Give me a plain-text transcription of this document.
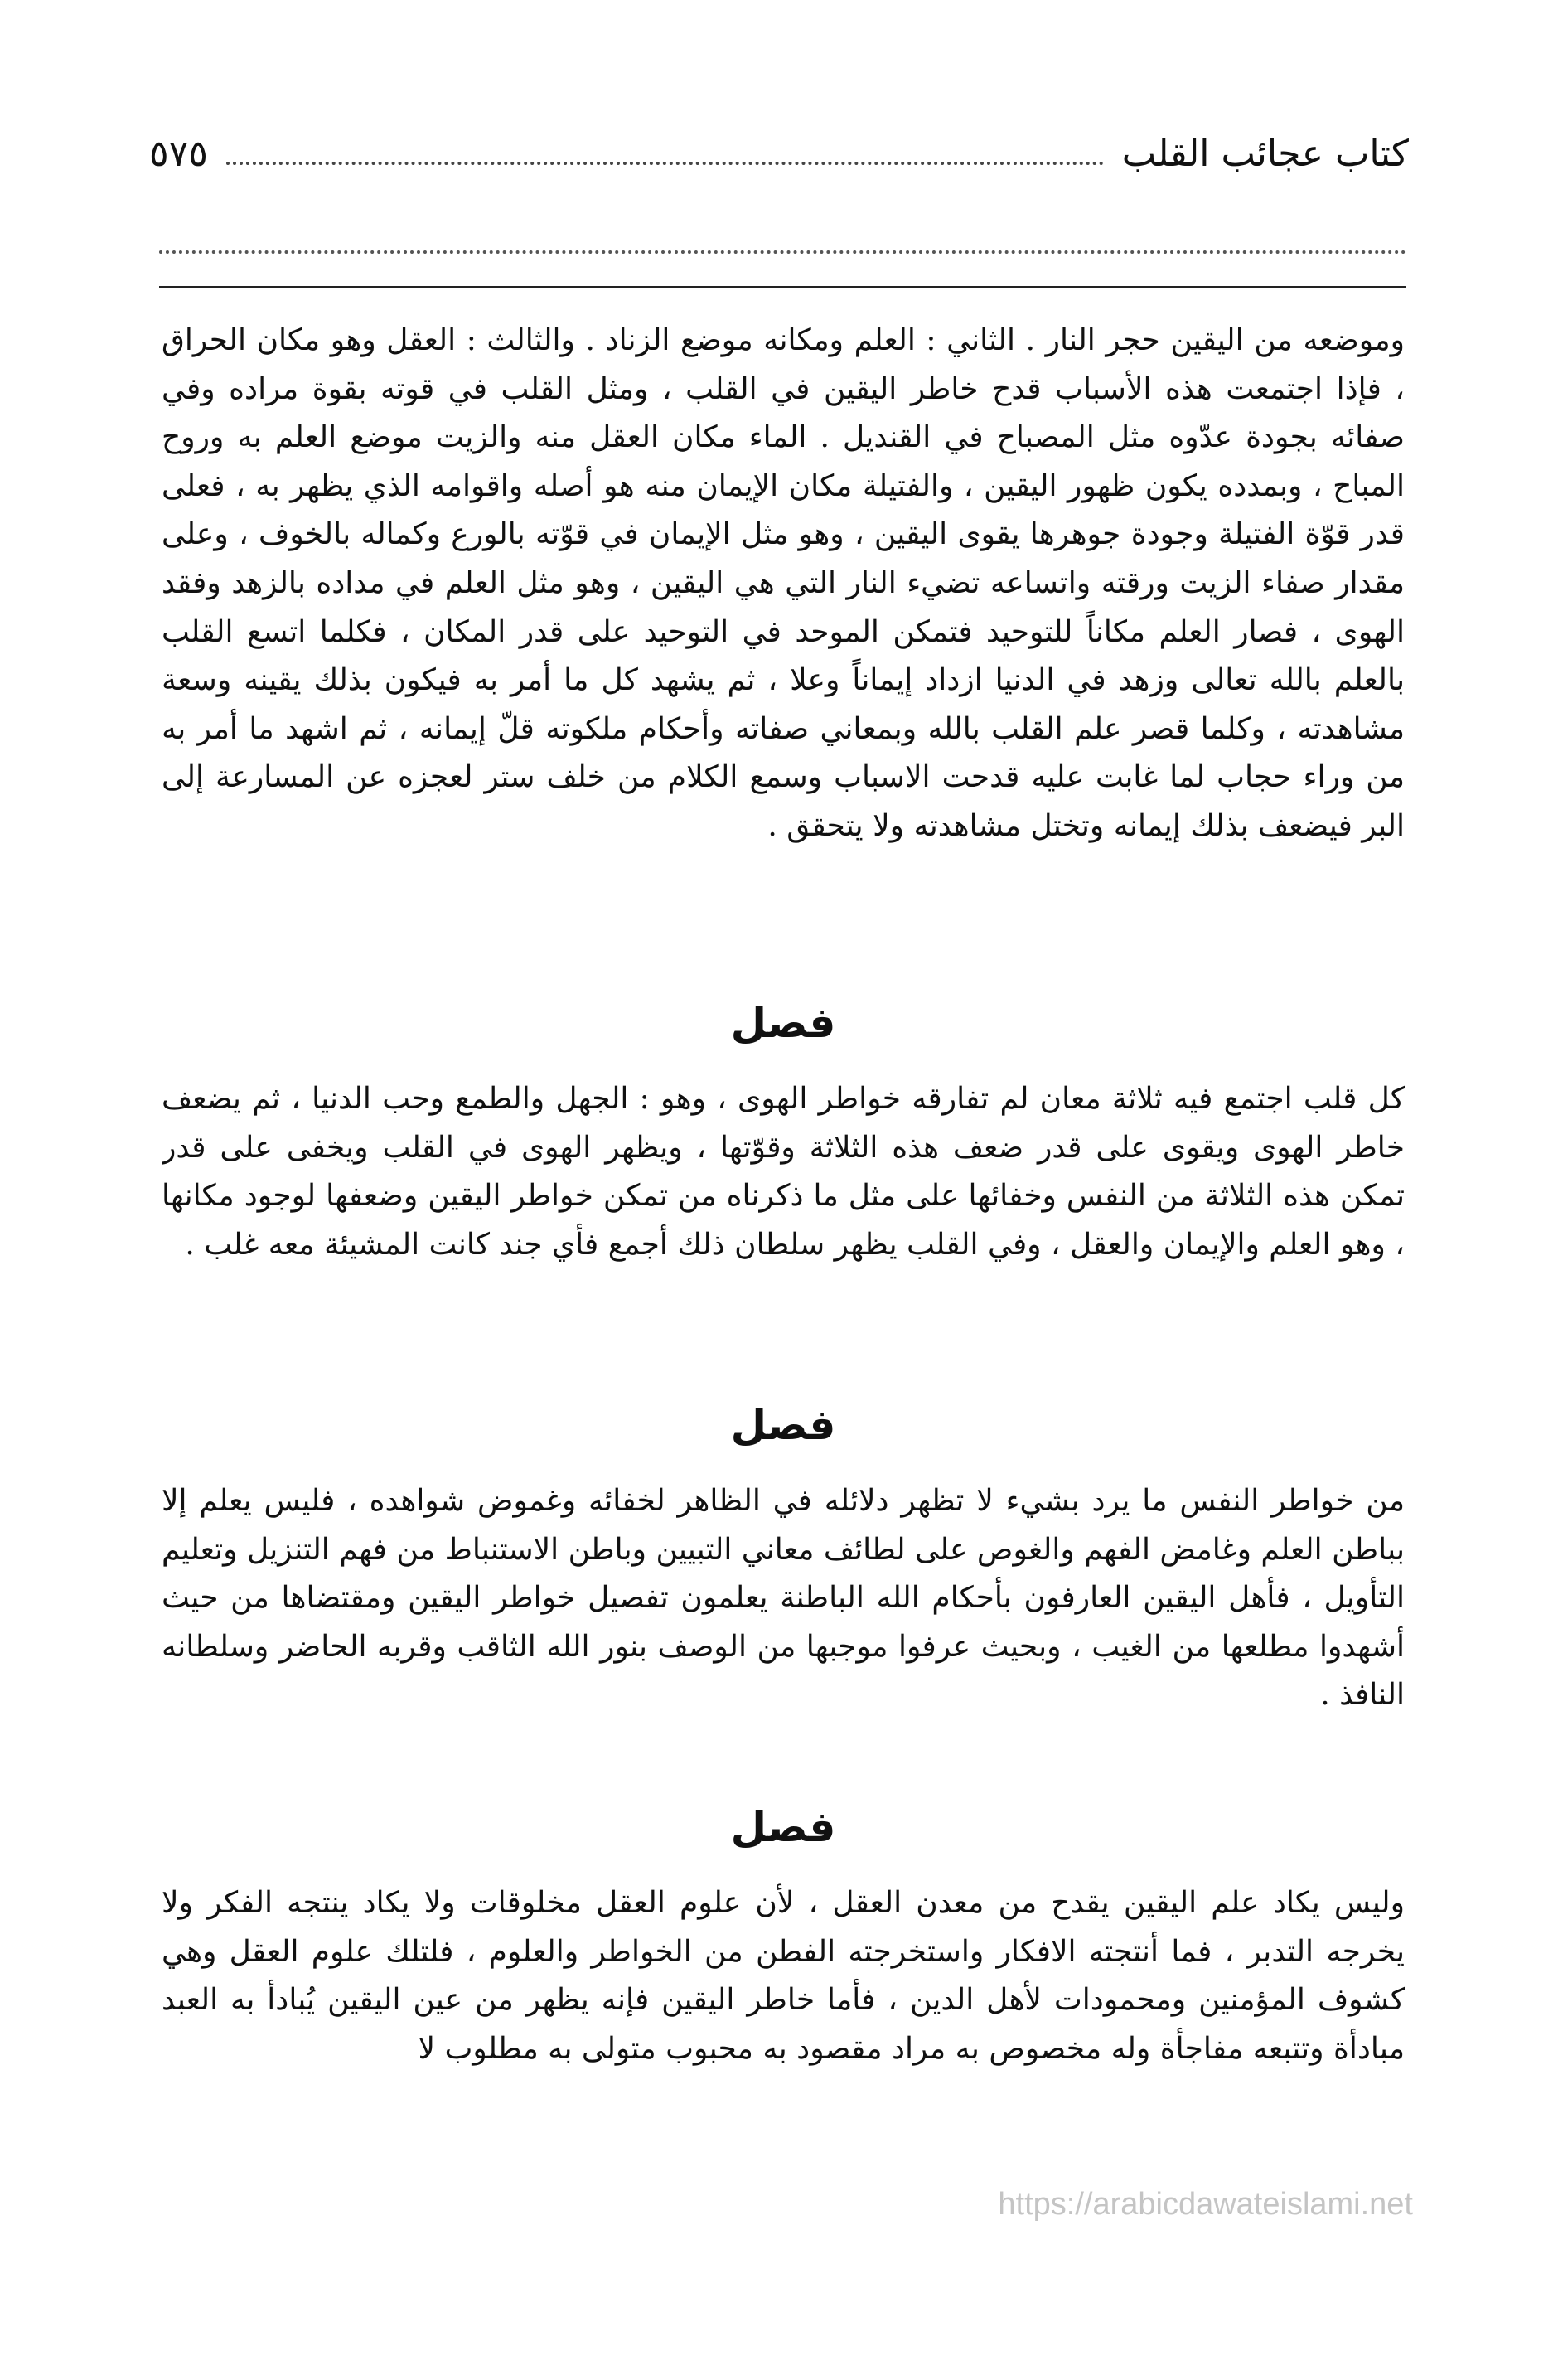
كتاب عجائب القلب
٥٧٥

وموضعه من اليقين حجر النار . الثاني : العلم ومكانه موضع الزناد . والثالث : العقل وهو مكان الحراق ، فإذا اجتمعت هذه الأسباب قدح خاطر اليقين في القلب ، ومثل القلب في قوته بقوة مراده وفي صفائه بجودة عدّوه مثل المصباح في القنديل . الماء مكان العقل منه والزيت موضع العلم به وروح المباح ، وبمدده يكون ظهور اليقين ، والفتيلة مكان الإيمان منه هو أصله واقوامه الذي يظهر به ، فعلى قدر قوّة الفتيلة وجودة جوهرها يقوى اليقين ، وهو مثل الإيمان في قوّته بالورع وكماله بالخوف ، وعلى مقدار صفاء الزيت ورقته واتساعه تضيء النار التي هي اليقين ، وهو مثل العلم في مداده بالزهد وفقد الهوى ، فصار العلم مكاناً للتوحيد فتمكن الموحد في التوحيد على قدر المكان ، فكلما اتسع القلب بالعلم بالله تعالى وزهد في الدنيا ازداد إيماناً وعلا ، ثم يشهد كل ما أمر به فيكون بذلك يقينه وسعة مشاهدته ، وكلما قصر علم القلب بالله وبمعاني صفاته وأحكام ملكوته قلّ إيمانه ، ثم اشهد ما أمر به من وراء حجاب لما غابت عليه قدحت الاسباب وسمع الكلام من خلف ستر لعجزه عن المسارعة إلى البر فيضعف بذلك إيمانه وتختل مشاهدته ولا يتحقق .

فصل

كل قلب اجتمع فيه ثلاثة معان لم تفارقه خواطر الهوى ، وهو : الجهل والطمع وحب الدنيا ، ثم يضعف خاطر الهوى ويقوى على قدر ضعف هذه الثلاثة وقوّتها ، ويظهر الهوى في القلب ويخفى على قدر تمكن هذه الثلاثة من النفس وخفائها على مثل ما ذكرناه من تمكن خواطر اليقين وضعفها لوجود مكانها ، وهو العلم والإيمان والعقل ، وفي القلب يظهر سلطان ذلك أجمع فأي جند كانت المشيئة معه غلب .

فصل

من خواطر النفس ما يرد بشيء لا تظهر دلائله في الظاهر لخفائه وغموض شواهده ، فليس يعلم إلا بباطن العلم وغامض الفهم والغوص على لطائف معاني التبيين وباطن الاستنباط من فهم التنزيل وتعليم التأويل ، فأهل اليقين العارفون بأحكام الله الباطنة يعلمون تفصيل خواطر اليقين ومقتضاها من حيث أشهدوا مطلعها من الغيب ، وبحيث عرفوا موجبها من الوصف بنور الله الثاقب وقربه الحاضر وسلطانه النافذ .

فصل

وليس يكاد علم اليقين يقدح من معدن العقل ، لأن علوم العقل مخلوقات ولا يكاد ينتجه الفكر ولا يخرجه التدبر ، فما أنتجته الافكار واستخرجته الفطن من الخواطر والعلوم ، فلتلك علوم العقل وهي كشوف المؤمنين ومحمودات لأهل الدين ، فأما خاطر اليقين فإنه يظهر من عين اليقين يُبادأ به العبد مبادأة وتتبعه مفاجأة وله مخصوص به مراد مقصود به محبوب متولى به مطلوب لا

https://arabicdawateislami.net
